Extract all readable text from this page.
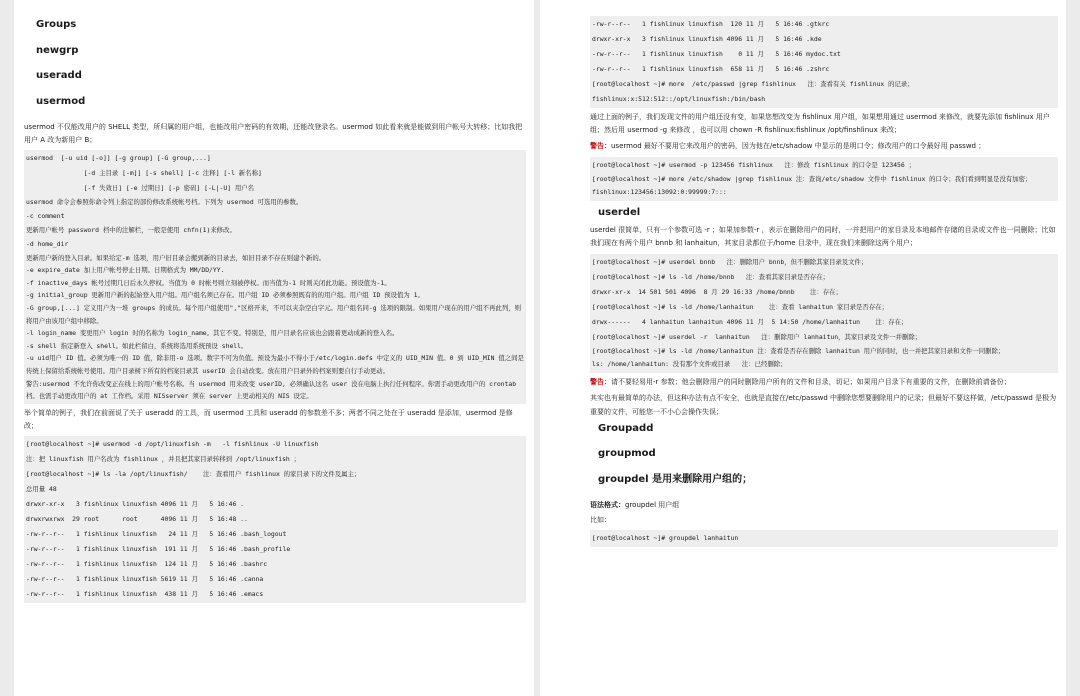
Groups
newgrp
useradd
usermod
usermod 不仅能改用户的 SHELL 类型，所归属的用户组，也能改用户密码的有效期，还能改登录名。usermod 如此看来就是能做到用户帐号大转移；比如我把用户 A 改为新用户 B；
usermod  [-u uid [-o]] [-g group] [-G group,...]
[-d 主目录 [-m]] [-s shell] [-c 注释] [-l 新名称]
[-f 失效日] [-e 过期日] [-p 密码] [-L|-U] 用户名
usermod 命令会参照你命令列上指定的部份修改系统帐号档。下列为 usermod 可选用的参数。
-c comment
更新用户帐号 password 档中的注解栏，一般是使用 chfn(1)来修改。
-d home_dir
更新用户新的登入目录。如果给定-m 选项，用户旧目录会搬到新的目录去，如旧目录不存在则建个新的。
-e expire_date 加上用户帐号停止日期。日期格式为 MM/DD/YY.
-f inactive_days 帐号过期几日后永久停权。当值为 0 时帐号则立刻被停权。而当值为-1 时则关闭此功能。预设值为-1。
-g initial_group 更新用户新的起始登入用户组。用户组名须已存在。用户组 ID 必须参照既有的的用户组。用户组 ID 预设值为 1。
-G group,[...] 定义用户为一堆 groups 的成员。每个用户组使用","区格开来，不可以夹杂空白字元。用户组名同-g 选项的限制。如果用户现在的用户组不再此列，则将用户由该用户组中移除。
-l login_name 变更用户 login 时的名称为 login_name。其它不变。特别是，用户目录名应该也会跟着更动成新的登入名。
-s shell 指定新登入 shell。如此栏留白，系统将选用系统预设 shell。
-u uid用户 ID 值。必须为唯一的 ID 值，除非用-o 选项。数字不可为负值。预设为最小不得小于/etc/login.defs 中定义的 UID_MIN 值。0 到 UID_MIN 值之间是传统上保留给系统帐号使用。用户目录树下所有的档案目录其 userID 会自动改变。放在用户目录外的档案则要自行手动更动。
警告:usermod 不允许你改变正在线上的用户帐号名称。当 usermod 用来改变 userID, 必须确认这名 user 没在电脑上执行任何程序。你需手动更改用户的 crontab 档。也需手动更改用户的 at 工作档。采用 NISserver 须在 server 上更动相关的 NIS 设定。
举个简单的例子，我们在前面说了关于 useradd 的工具，而 usermod 工具和 useradd 的参数差不多；两者不同之处在于 useradd 是添加，usermod 是修改；
[root@localhost ~]# usermod -d /opt/linuxfish -m   -l fishlinux -U linuxfish
注：把 linuxfish 用户名改为 fishlinux ，并且把其家目录转移到 /opt/linuxfish ；
[root@localhost ~]# ls -la /opt/linuxfish/    注：查看用户 fishlinux 的家目录下的文件及属主；
总用量 48
drwxr-xr-x   3 fishlinux linuxfish 4096 11 月   5 16:46 .
drwxrwxrwx  29 root      root      4096 11 月   5 16:48 ..
-rw-r--r--   1 fishlinux linuxfish   24 11 月   5 16:46 .bash_logout
-rw-r--r--   1 fishlinux linuxfish  191 11 月   5 16:46 .bash_profile
-rw-r--r--   1 fishlinux linuxfish  124 11 月   5 16:46 .bashrc
-rw-r--r--   1 fishlinux linuxfish 5619 11 月   5 16:46 .canna
-rw-r--r--   1 fishlinux linuxfish  438 11 月   5 16:46 .emacs
-rw-r--r--   1 fishlinux linuxfish  120 11 月   5 16:46 .gtkrc
drwxr-xr-x   3 fishlinux linuxfish 4096 11 月   5 16:46 .kde
-rw-r--r--   1 fishlinux linuxfish    0 11 月   5 16:46 mydoc.txt
-rw-r--r--   1 fishlinux linuxfish  658 11 月   5 16:46 .zshrc
[root@localhost ~]# more  /etc/passwd |grep fishlinux   注：查看有关 fishlinux 的记录；
fishlinux:x:512:512::/opt/linuxfish:/bin/bash
通过上面的例子，我们发现文件的用户组还没有变，如果您想改变为 fishlinux 用户组，如果想用通过 usermod 来修改，就要先添加 fishlinux 用户组；然后用 usermod -g 来修改 ，也可以用 chown -R fishlinux:fishlinux /opt/finshlinux 来改；
警告：usermod 最好不要用它来改用户的密码，因为他在/etc/shadow 中显示的是明口令；修改用户的口令最好用 passwd ；
[root@localhost ~]# usermod -p 123456 fishlinux   注：修改 fishlinux 的口令是 123456 ；
[root@localhost ~]# more /etc/shadow |grep fishlinux 注：查询/etc/shadow 文件中 fishlinux 的口令；我们看到明显是没有加密；
fishlinux:123456:13092:0:99999:7:::
userdel
userdel 很简单，只有一个参数可选 -r ；如果加参数-r ，表示在删除用户的同时，一并把用户的家目录及本地邮件存储的目录或文件也一同删除；比如我们现在有两个用户 bnnb 和 lanhaitun，其家目录都位于/home 目录中，现在我们来删除这两个用户；
[root@localhost ~]# userdel bnnb   注：删除用户 bnnb，但不删除其家目录及文件；
[root@localhost ~]# ls -ld /home/bnnb   注：查看其家目录是否存在；
drwxr-xr-x  14 501 501 4096  8 月 29 16:33 /home/bnnb    注：存在；
[root@localhost ~]# ls -ld /home/lanhaitun    注：查看 lanhaitun 家目录是否存在；
drwx------   4 lanhaitun lanhaitun 4096 11 月  5 14:50 /home/lanhaitun    注：存在；
[root@localhost ~]# userdel -r  lanhaitun   注：删除用户 lanhaitun，其家目录及文件一并删除；
[root@localhost ~]# ls -ld /home/lanhaitun 注：查看是否存在删除 lanhaitun 用户的同时，也一并把其家目录和文件一同删除；
ls: /home/lanhaitun: 没有那个文件或目录   注：已经删除；
警告：请不要轻易用-r 参数；他会删除用户的同时删除用户所有的文件和目录，切记；如果用户目录下有重要的文件，在删除前请备份；
其实也有最简单的办法，但这种办法有点不安全，也就是直接在/etc/passwd 中删除您想要删除用户的记录；但最好不要这样做，/etc/passwd 是极为重要的文件，可能您一不小心会操作失误；
Groupadd
groupmod
groupdel 是用来删除用户组的；
语法格式：groupdel 用户组
比如：
[root@localhost ~]# groupdel lanhaitun
